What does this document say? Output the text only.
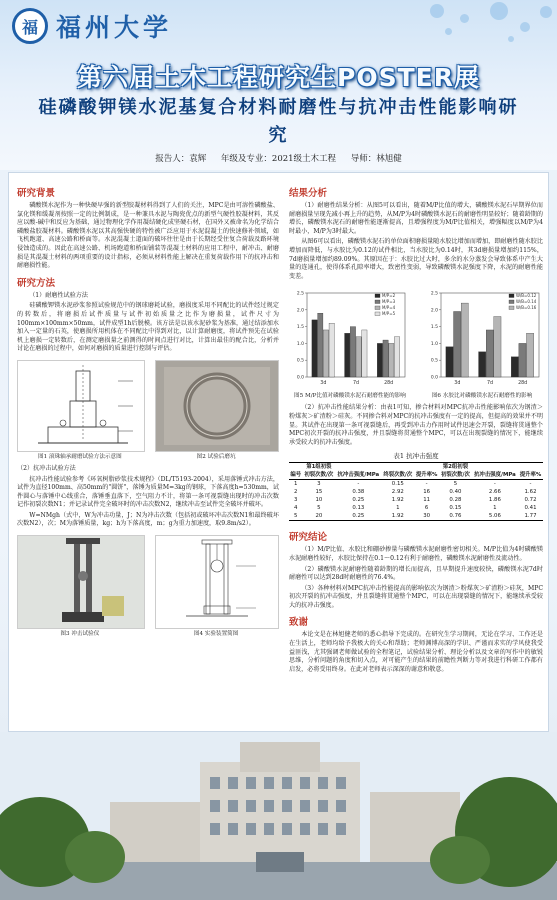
福 福州大学
第六届土木工程研究生POSTER展
硅磷酸钾镁水泥基复合材料耐磨性与抗冲击性能影响研究
报告人：袁辉 年级及专业：2021级土木工程 导师：林旭健
研究背景

磷酸镁水泥作为一种快硬早强的新型胶凝材料得到了人们的关注，MPC是由可溶性磷酸盐、氯化镁和缓凝剂按照一定的比例制成，是一种兼具水泥与陶瓷优点的新型气硬性胶凝材料，其反应以酸-碱中和反应为基础，通过物理化学作用凝结硬化成坚硬石材，在国外又被命名为化学结合磷酸盐胶凝材料。磷酸镁水泥以其高强快硬的特性被广泛应用于水泥混凝土的快速修补领域，如飞机跑道、高速公路和桥面等。水泥混凝土道面的破坏往往是由于长期经受住复合荷载及路环境侵蚀造成的。因此在高速公路、机场跑道和桥面铺装等混凝土材料的应用工程中，耐冲击、耐磨损是其混凝土材料的两项重要的设计指标，必须从材料性能上解决在重复荷载作用下的抗冲击和耐磨损性能。

研究方法

（1）耐磨性试验方法

硅磷酸钾镁水泥砂浆参照试验规范中的钢球磨耗试验，磨损度采用不同配比的试件经过规定的转数后，将磨损后试件质量与试件初始质量之比作为磨损量，试件尺寸为100mm×100mm×50mm，试件成型1h后脱模。该方法是以该水泥砂浆为基准，通过结添加水加入一定量的石英，使磨损所用机体在不同配比中得到对比，以计算耐磨度，将试件预先在试验机上磨损一定转数后，在测定磨损量之前测得的时间点进行对比，计算出最佳的配合比，分析并讨论在磨损的过程中，如何对磨损的质量进行控制与评估。

图1 滚珠轴承耐磨试验方法示意图	图2 试验后磨坑

（2）抗冲击试验方法

抗冲击性能试验参考《环氧树脂砂浆技术规程》（DL/T5193-2004），采用落锤式冲击方法，试件为直径100mm、高50mm的"圆饼"，落锤为质量M=3kg的钢球，下落高度h=530mm，试件圆心与落锤中心线重合，落锤垂直落下，空气阻力不计，将第一条可视裂缝出现时的冲击次数记作初裂次数N1；并记录试件完全破坏时的冲击次数N2，继续冲击至试件完全破坏并破坏。

W=NMgh（式中，W为冲击功量，J；N为冲击次数（包括初或破坏冲击次数N1和最终破坏次数N2），次；M为落锤质量，kg；h为下落高度，m；g为重力加速度，取9.8m/s2）。

图3 冲击试验仪	图4 实验装置简图
结果分析

（1）耐磨性结果分析：从图5可以看出，随着M/P比值的增大，磷酸镁水泥石早期界位而耐磨损量呈现先减小再上升的趋势，从M/P为4时磷酸镁水泥石的耐磨性明显较好；随着龄期的增长，磷酸镁水泥石的耐磨性能逐渐提高，且增强程度为M/P比值相关，增强幅度以M/P为4时最小，M/P为3时最大。

从图6可以看出，磷酸镁水泥石的单位面积磨损量随水胶比增加而增加，即耐磨性随水胶比增加而降低，与水胶比为0.12的试件相比，当水胶比为0.14时，其3d磨损量增加约115%，7d磨损量增加约89.09%。其原因在于：水胶比过大时，多余的水分蒸发会导致体系中产生大量的连通孔，使得体系孔隙率增大，致密性变弱，导致磷酸镁水泥强度下降，水泥的耐磨性能变差。

0.0
0.5
1.0
1.5
2.0
2.5
3d	7d	28d
M/P=2
M/P=3
M/P=4
M/P=5
0.0
0.5
1.0
1.5
2.0
2.5
3d	7d	28d
W/B=0.12
W/B=0.14
W/B=0.16
图5 M/P比值对磷酸镁水泥石耐磨性能的影响	图6 水胶比对磷酸镁水泥石耐磨性的影响

（2）抗冲击性能结果分析：由表1可知，掺合材料对MPC抗冲击性能影响依次为钢渣＞粉煤灰＞矿渣粉＞硅灰。不同掺合料对MPC的抗冲击强度有一定的提高，但提高的效果并不明显。其试件在出现第一条可视裂缝后，再受到冲击力作用时试件迅速会开裂，裂缝将贯通整个MPC初次开裂的抗冲击强度，并且裂缝将贯通整个MPC，可以在出现裂缝的情况下，能继续承受较大的抗冲击强度。

表1 抗冲击强度
	第1组初裂				第2组初裂		
编号	初裂次数/次	抗冲击强度/MPa	终裂次数/次	提升率%	初裂次数/次	抗冲击强度/MPa	提升率%
1	3	-	0.15	-	5	-	-
2	15	0.38	2.92	16	0.40	2.66	1.62
3	10	0.25	1.92	11	0.28	1.86	0.72
4	5	0.13	1	6	0.15	1	0.41
5	20	0.25	1.92	30	0.76	5.06	1.77
研究结论

（1）M/P比值、水胶比和硼砂掺量与磷酸镁水泥耐磨性密切相关。M/P比值为4时磷酸镁水泥耐磨性较好，水胶比保持在0.1～0.12有利于耐磨性，磷酸镁水泥耐磨性及流动性。

（2）磷酸镁水泥耐磨性随着龄期的增长而提高，且早期提升速度较快，磷酸镁水泥7d时耐磨性可以达到28d时耐磨性的76.4%。

（3）各种材料对MPC抗冲击性能提高的影响依次为钢渣＞粉煤灰＞矿渣粉＞硅灰，MPC初次开裂的抗冲击强度，并且裂缝将贯通整个MPC，可以在出现裂缝的情况下，能继续承受较大的抗冲击强度。

致谢

本论文是在林旭健老师的悉心指导下完成的。在研究生学习期间，无论在学习、工作还是在生活上，老师均给予我极大的关心和帮助；老师渊博高深的学识、严谨而求实的学风使我受益匪浅，尤其强调老师做试验的全程笔记，试验结果分析、理论分析以及文章的写作中的敏锐思维，分析问题的角度和切入点，对可能产生的结果的前瞻性判断力等对我进行科研工作都有启发，必将受用终身。在此对老师表示深深的谢意和敬意。
